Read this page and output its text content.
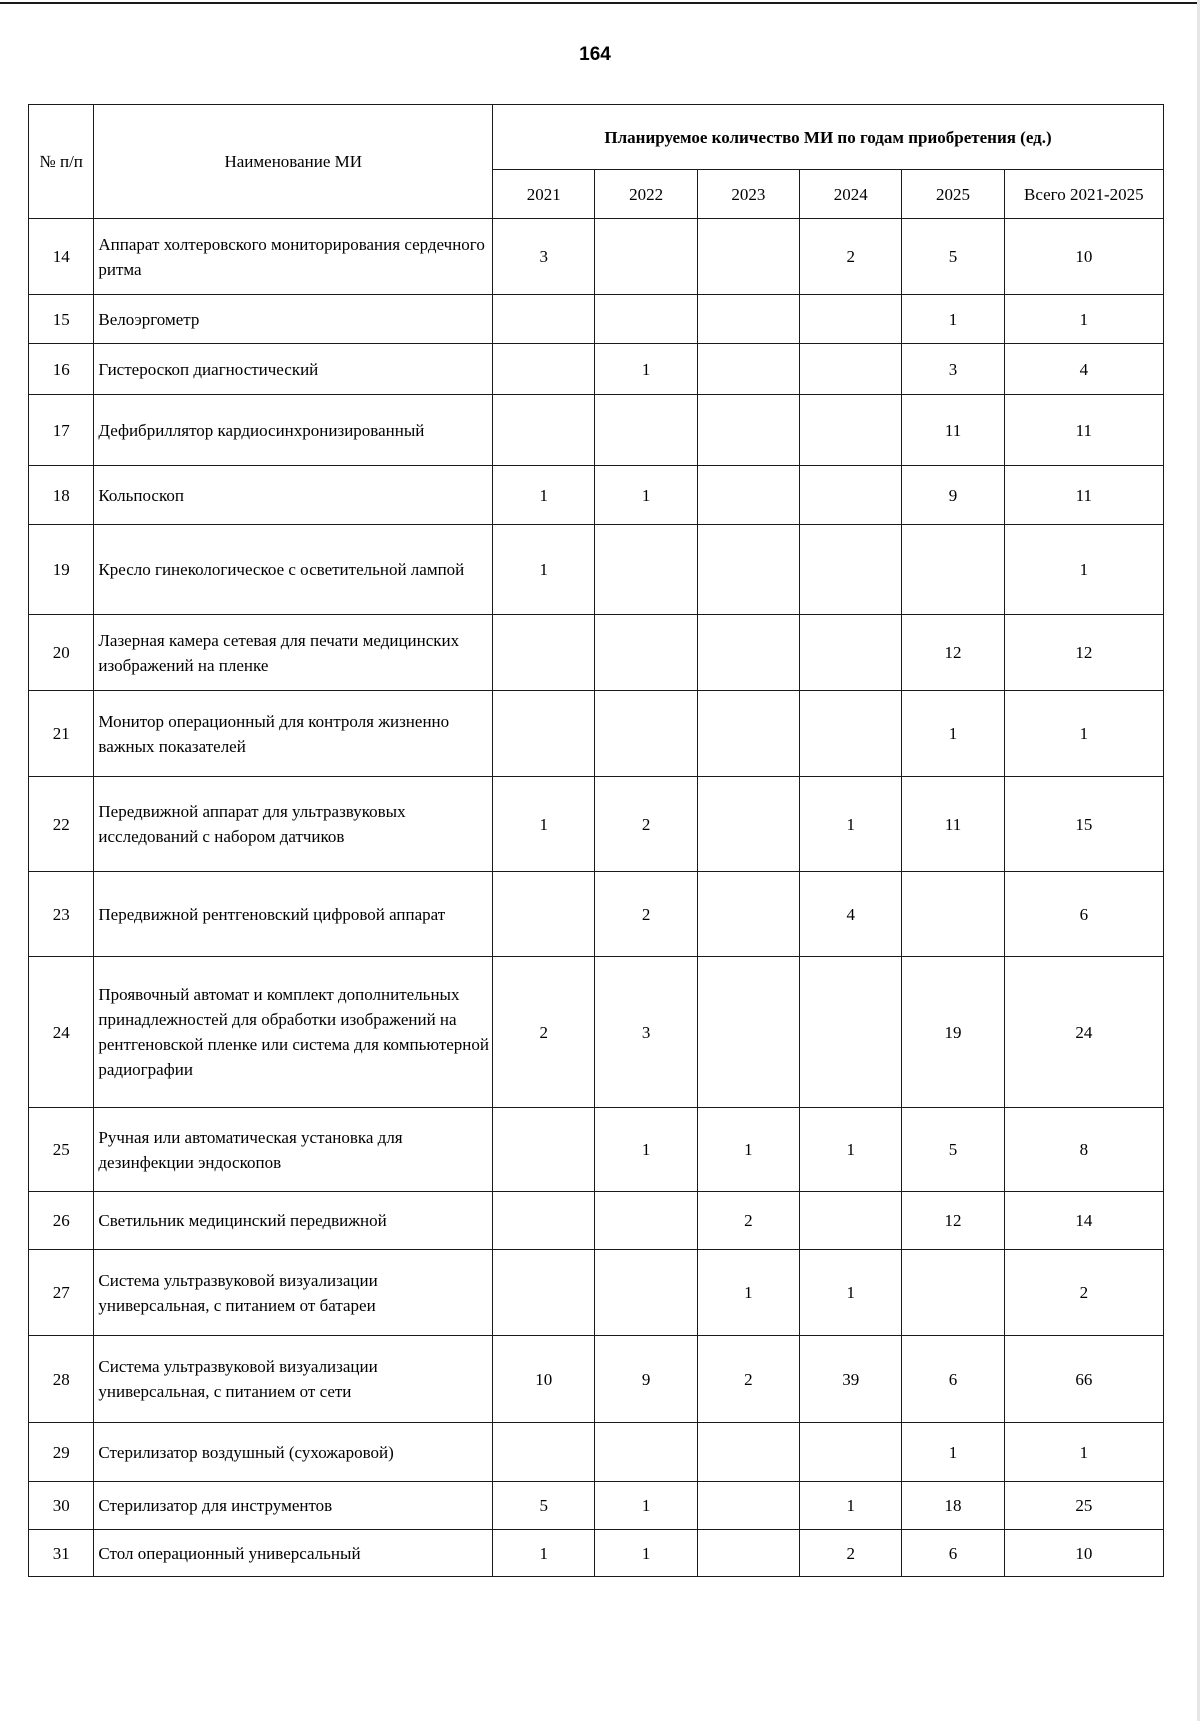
164
№ п/п	Наименование МИ	Планируемое количество МИ по годам приобретения (ед.)					
		2021	2022	2023	2024	2025	Всего 2021-2025
14	Аппарат холтеровского мониторирования сердечного ритма	3			2	5	10
15	Велоэргометр					1	1
16	Гистероскоп диагностический		1			3	4
17	Дефибриллятор кардиосинхронизированный					11	11
18	Кольпоскоп	1	1			9	11
19	Кресло гинекологическое с осветительной лампой	1					1
20	Лазерная камера сетевая для печати медицинских изображений на пленке					12	12
21	Монитор операционный для контроля жизненно важных показателей					1	1
22	Передвижной аппарат для ультразвуковых исследований с набором датчиков	1	2		1	11	15
23	Передвижной рентгеновский цифровой аппарат		2		4		6
24	Проявочный автомат и комплект дополнительных принадлежностей для обработки изображений на рентгеновской пленке или система для компьютерной радиографии	2	3			19	24
25	Ручная или автоматическая установка для дезинфекции эндоскопов		1	1	1	5	8
26	Светильник медицинский передвижной			2		12	14
27	Система ультразвуковой визуализации универсальная, с питанием от батареи			1	1		2
28	Система ультразвуковой визуализации универсальная, с питанием от сети	10	9	2	39	6	66
29	Стерилизатор воздушный (сухожаровой)					1	1
30	Стерилизатор для инструментов	5	1		1	18	25
31	Стол операционный универсальный	1	1		2	6	10
